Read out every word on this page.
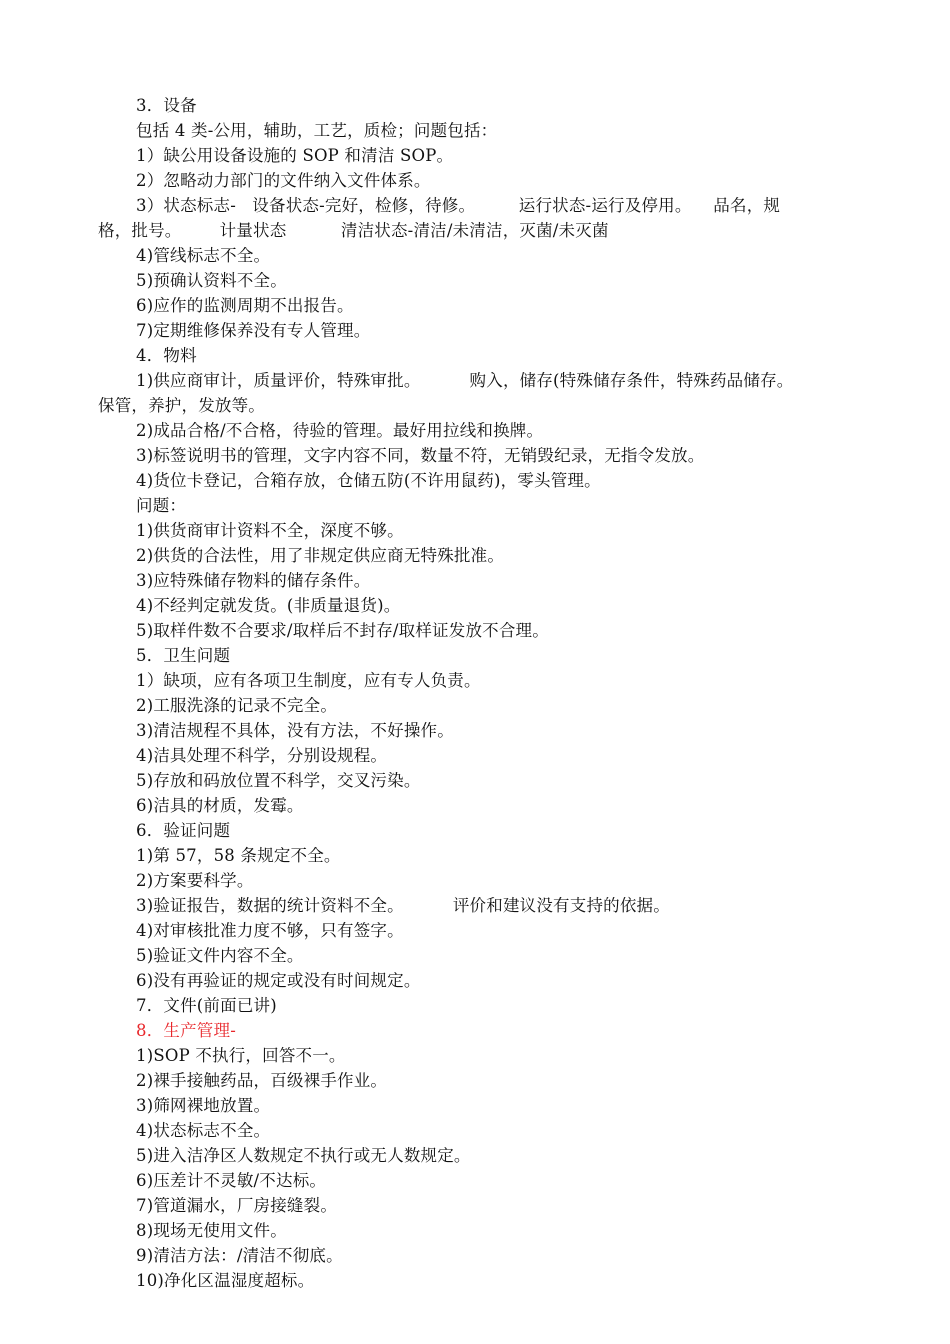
3．设备
包括 4 类-公用，辅助，工艺，质检；问题包括：
1）缺公用设备设施的 SOP 和清洁 SOP。
2）忽略动力部门的文件纳入文件体系。
3）状态标志-   设备状态-完好，检修，待修。        运行状态-运行及停用。    品名，规
格，批号。       计量状态          清洁状态-清洁/未清洁，灭菌/未灭菌
4)管线标志不全。
5)预确认资料不全。
6)应作的监测周期不出报告。
7)定期维修保养没有专人管理。
4．物料
1)供应商审计，质量评价，特殊审批。         购入，储存(特殊储存条件，特殊药品储存。
保管，养护，发放等。
2)成品合格/不合格，待验的管理。最好用拉线和换牌。
3)标签说明书的管理，文字内容不同，数量不符，无销毁纪录，无指令发放。
4)货位卡登记，合箱存放，仓储五防(不许用鼠药)，零头管理。
问题：
1)供货商审计资料不全，深度不够。
2)供货的合法性，用了非规定供应商无特殊批准。
3)应特殊储存物料的储存条件。
4)不经判定就发货。(非质量退货)。
5)取样件数不合要求/取样后不封存/取样证发放不合理。
5．卫生问题
1）缺项，应有各项卫生制度，应有专人负责。
2)工服洗涤的记录不完全。
3)清洁规程不具体，没有方法，不好操作。
4)洁具处理不科学，分别设规程。
5)存放和码放位置不科学，交叉污染。
6)洁具的材质，发霉。
6．验证问题
1)第 57，58 条规定不全。
2)方案要科学。
3)验证报告，数据的统计资料不全。         评价和建议没有支持的依据。
4)对审核批准力度不够，只有签字。
5)验证文件内容不全。
6)没有再验证的规定或没有时间规定。
7．文件(前面已讲)
8．生产管理-
1)SOP 不执行，回答不一。
2)裸手接触药品，百级裸手作业。
3)筛网裸地放置。
4)状态标志不全。
5)进入洁净区人数规定不执行或无人数规定。
6)压差计不灵敏/不达标。
7)管道漏水，厂房接缝裂。
8)现场无使用文件。
9)清洁方法：/清洁不彻底。
10)净化区温湿度超标。
